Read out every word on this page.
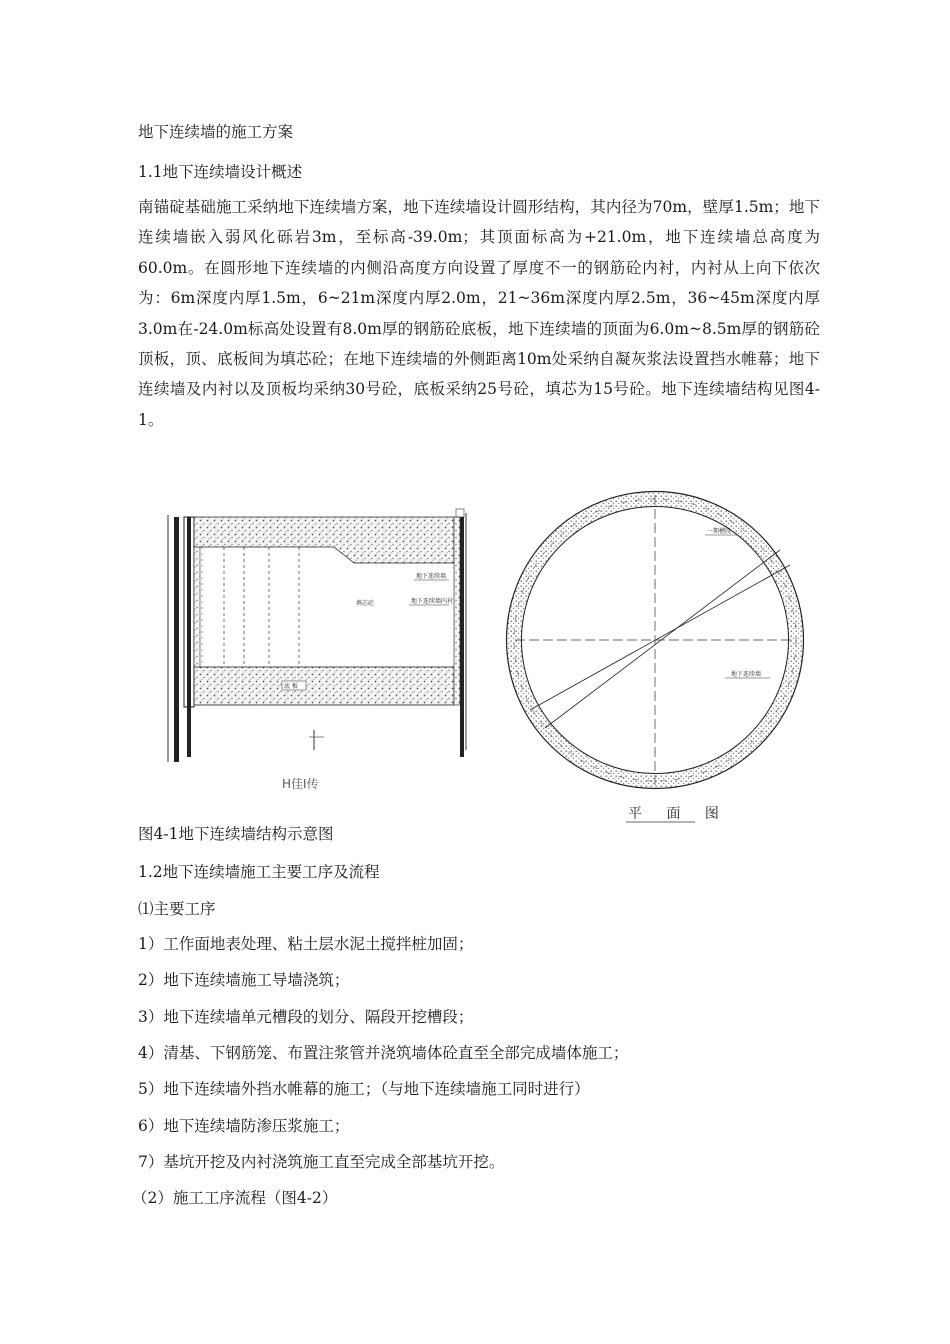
地下连续墙的施工方案
1.1地下连续墙设计概述

南锚碇基础施工采纳地下连续墙方案，地下连续墙设计圆形结构，其内径为70m，壁厚1.5m；地下连续墙嵌入弱风化砾岩3m，至标高-39.0m；其顶面标高为+21.0m，地下连续墙总高度为60.0m。在圆形地下连续墙的内侧沿高度方向设置了厚度不一的钢筋砼内衬，内衬从上向下依次为：6m深度内厚1.5m，6~21m深度内厚2.0m，21~36m深度内厚2.5m，36~45m深度内厚3.0m在-24.0m标高处设置有8.0m厚的钢筋砼底板，地下连续墙的顶面为6.0m~8.5m厚的钢筋砼顶板，顶、底板间为填芯砼；在地下连续墙的外侧距离10m处采纳自凝灰浆法设置挡水帷幕；地下连续墙及内衬以及顶板均采纳30号砼，底板采纳25号砼，填芯为15号砼。地下连续墙结构见图4-1。

底 板
填芯砼
地下连续墙
地下连续墙内衬
H佳I传
一期槽段
地下连续墙
平 面 图
图4-1地下连续墙结构示意图
1.2地下连续墙施工主要工序及流程
⑴主要工序
1）工作面地表处理、粘土层水泥土搅拌桩加固；
2）地下连续墙施工导墙浇筑；
3）地下连续墙单元槽段的划分、隔段开挖槽段；
4）清基、下钢筋笼、布置注浆管并浇筑墙体砼直至全部完成墙体施工；
5）地下连续墙外挡水帷幕的施工；（与地下连续墙施工同时进行）
6）地下连续墙防渗压浆施工；
7）基坑开挖及内衬浇筑施工直至完成全部基坑开挖。
（2）施工工序流程（图4-2）
